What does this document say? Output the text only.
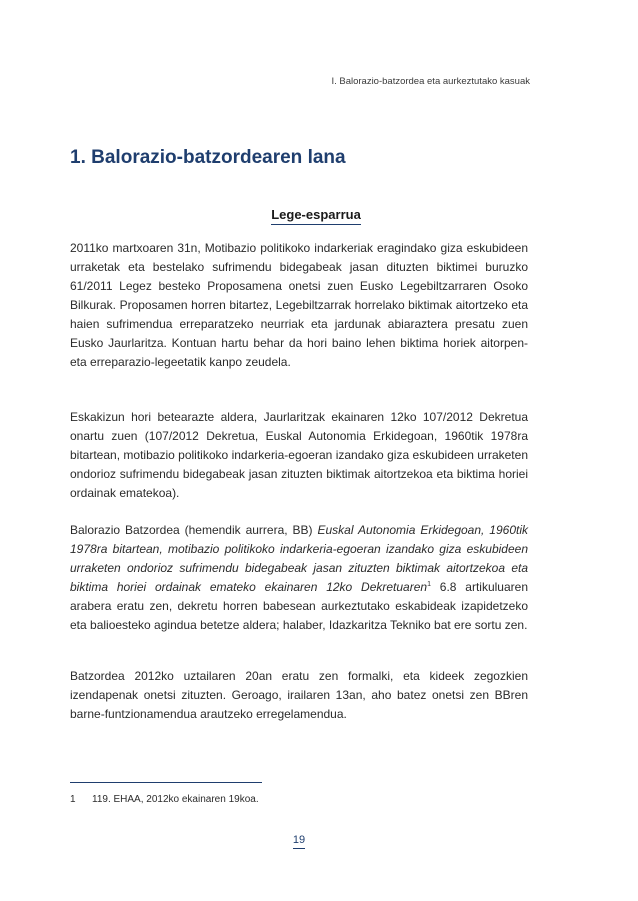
I. Balorazio-batzordea eta aurkeztutako kasuak
1. Balorazio-batzordearen lana
Lege-esparrua

2011ko martxoaren 31n, Motibazio politikoko indarkeriak eragindako giza eskubideen urraketak eta bestelako sufrimendu bidegabeak jasan dituzten biktimei buruzko 61/2011 Legez besteko Proposamena onetsi zuen Eusko Legebiltzarraren Osoko Bilkurak. Proposamen horren bitartez, Legebiltzarrak horrelako biktimak aitortzeko eta haien sufrimendua erreparatzeko neurriak eta jardunak abiaraztera presatu zuen Eusko Jaurlaritza. Kontuan hartu behar da hori baino lehen biktima horiek aitorpen- eta erreparazio-legeetatik kanpo zeudela.

Eskakizun hori betearazte aldera, Jaurlaritzak ekainaren 12ko 107/2012 Dekretua onartu zuen (107/2012 Dekretua, Euskal Autonomia Erkidegoan, 1960tik 1978ra bitartean, motibazio politikoko indarkeria-egoeran izandako giza eskubideen urraketen ondorioz sufrimendu bidegabeak jasan zituzten biktimak aitortzekoa eta biktima horiei ordainak ematekoa).

Balorazio Batzordea (hemendik aurrera, BB) Euskal Autonomia Erkidegoan, 1960tik 1978ra bitartean, motibazio politikoko indarkeria-egoeran izandako giza eskubideen urraketen ondorioz sufrimendu bidegabeak jasan zituzten biktimak aitortzekoa eta biktima horiei ordainak emateko ekainaren 12ko Dekretuaren$^1$ 6.8 artikuluaren arabera eratu zen, dekretu horren babesean aurkeztutako eskabideak izapidetzeko eta balioesteko agindua betetze aldera; halaber, Idazkaritza Tekniko bat ere sortu zen.

Batzordea 2012ko uztailaren 20an eratu zen formalki, eta kideek zegozkien izendapenak onetsi zituzten. Geroago, irailaren 13an, aho batez onetsi zen BBren barne-funtzionamendua arautzeko erregelamendua.

1 119. EHAA, 2012ko ekainaren 19koa.
19
